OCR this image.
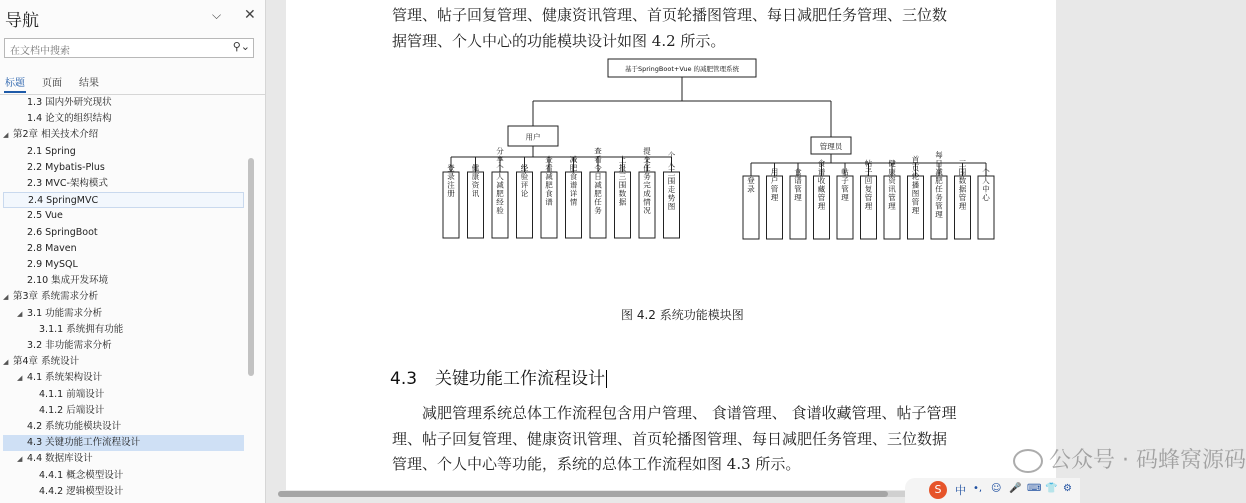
导航	⌵ ✕
在文档中搜索
⚲⌄
标题 页面 结果
1.3 国内外研究现状
1.4 论文的组织结构
◢ 第2章 相关技术介绍
2.1 Spring
2.2 Mybatis-Plus
2.3 MVC-架构模式
2.4 SpringMVC
2.5 Vue
2.6 SpringBoot
2.8 Maven
2.9 MySQL
2.10 集成开发环境
◢ 第3章 系统需求分析
◢ 3.1 功能需求分析
3.1.1 系统拥有功能
3.2 非功能需求分析
◢ 第4章 系统设计
◢ 4.1 系统架构设计
4.1.1 前端设计
4.1.2 后端设计
4.2 系统功能模块设计
4.3 关键功能工作流程设计
◢ 4.4 数据库设计
4.4.1 概念模型设计
4.4.2 逻辑模型设计
管理、帖子回复管理、健康资讯管理、首页轮播图管理、每日减肥任务管理、三位数
据管理、个人中心的功能模块设计如图 4.2 所示。
基于SpringBoot+Vue 的减肥管理系统
用户
管理员
登录注册 健康资讯 分享个人减肥经验 经验评论 查看减肥食谱 减肥食谱详情 查看今日减肥任务 上报三围数据 提交任务完成情况 个人三围走势图	登录 用户管理 食谱管理 食谱收藏管理 帖子管理 帖子回复管理 健康资讯管理 首页轮播图管理 每日减肥任务管理 三围数据管理 个人中心
图 4.2 系统功能模块图
4.3 关键功能工作流程设计
减肥管理系统总体工作流程包含用户管理、 食谱管理、 食谱收藏管理、帖子管理
理、帖子回复管理、健康资讯管理、首页轮播图管理、每日减肥任务管理、三位数据
管理、个人中心等功能，系统的总体工作流程如图 4.3 所示。	公众号 · 码蜂窝源码
S	中 •, ☺ 🎤 ⌨ 👕 ⚙
